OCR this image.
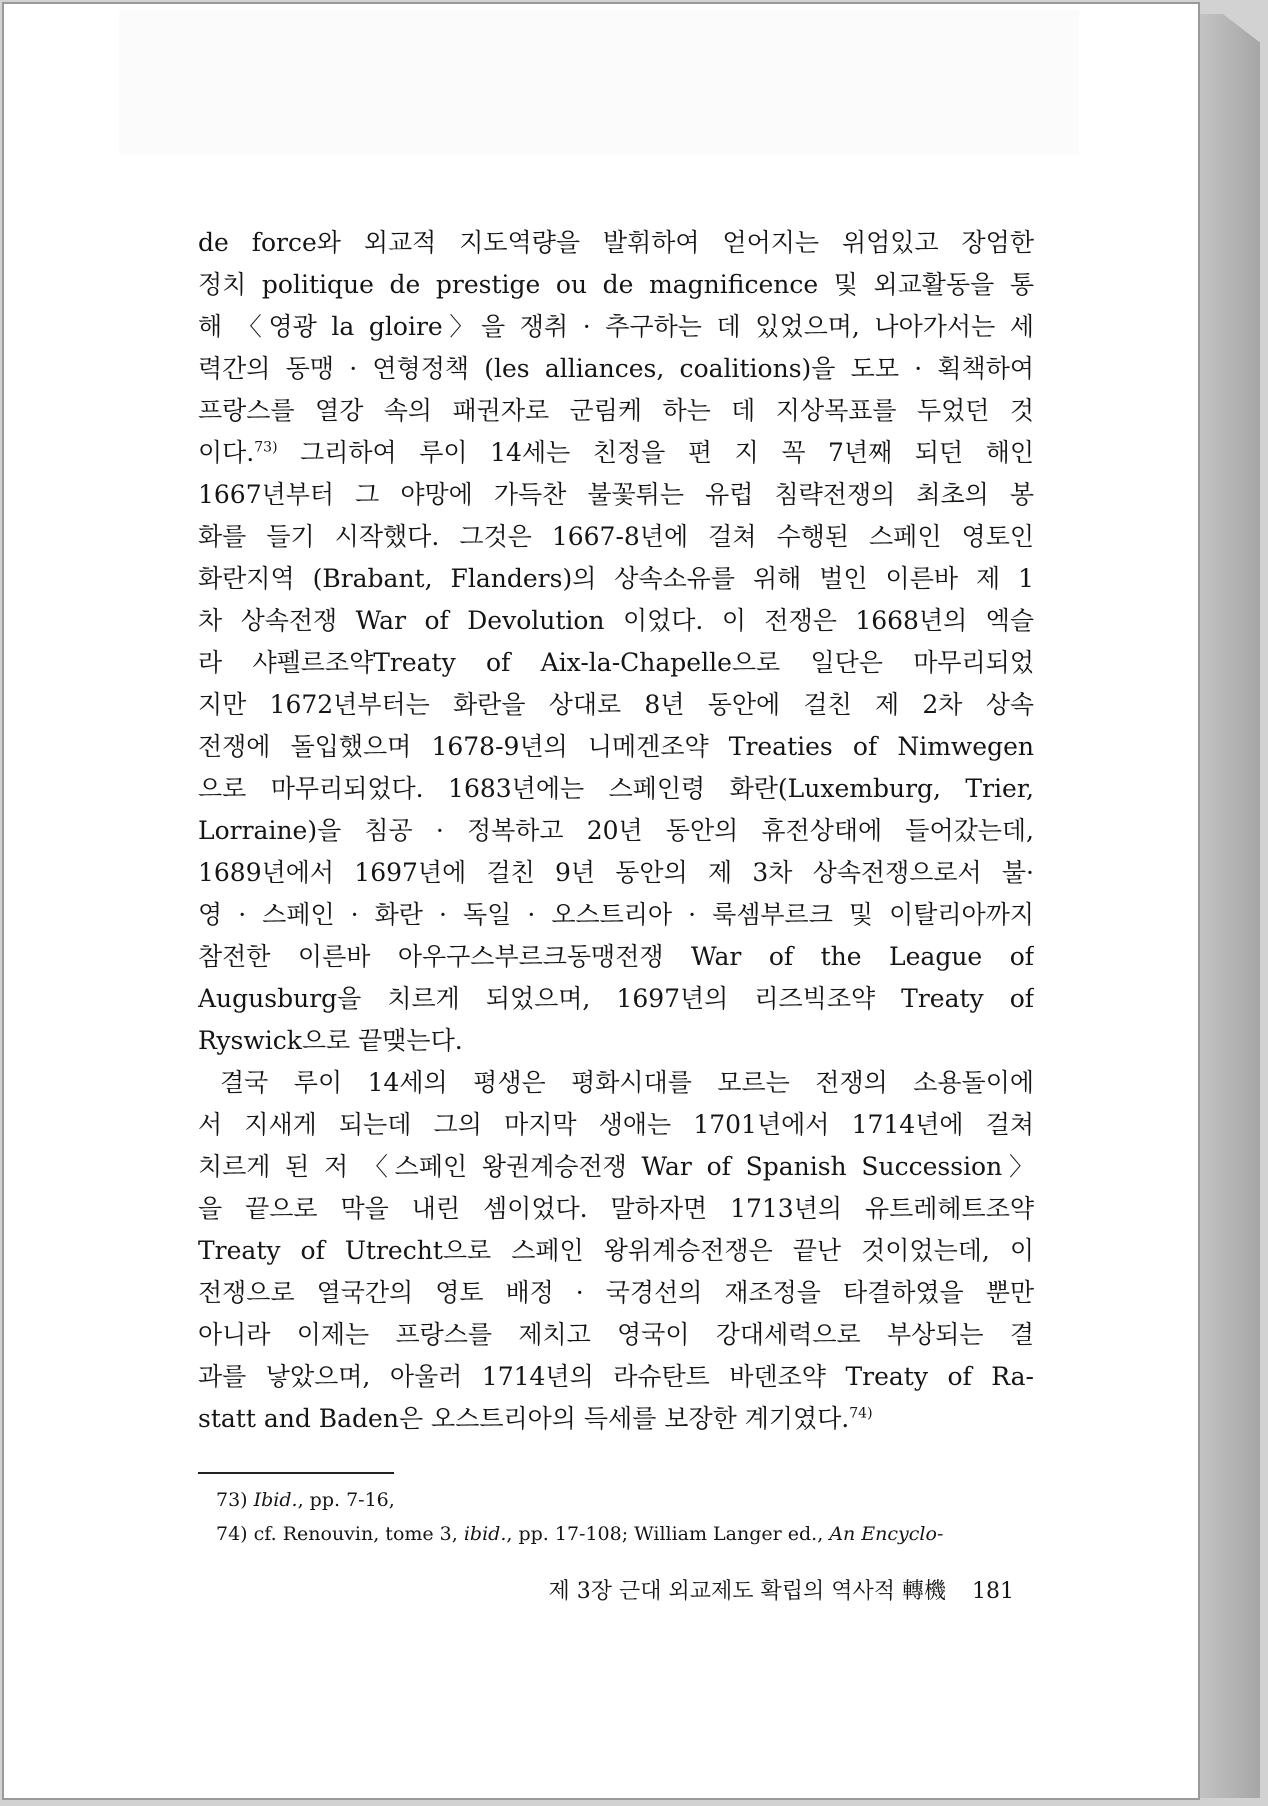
de force와 외교적 지도역량을 발휘하여 얻어지는 위엄있고 장엄한
정치 politique de prestige ou de magnificence 및 외교활동을 통
해 〈영광 la gloire〉을 쟁취 · 추구하는 데 있었으며, 나아가서는 세
력간의 동맹 · 연형정책 (les alliances, coalitions)을 도모 · 획책하여
프랑스를 열강 속의 패권자로 군림케 하는 데 지상목표를 두었던 것
이다.$^{73)}$ 그리하여 루이 14세는 친정을 편 지 꼭 7년째 되던 해인
1667년부터 그 야망에 가득찬 불꽃튀는 유럽 침략전쟁의 최초의 봉
화를 들기 시작했다. 그것은 1667-8년에 걸쳐 수행된 스페인 영토인
화란지역 (Brabant, Flanders)의 상속소유를 위해 벌인 이른바 제 1
차 상속전쟁 War of Devolution 이었다. 이 전쟁은 1668년의 엑슬
라 샤펠르조약Treaty of Aix-la-Chapelle으로 일단은 마무리되었
지만 1672년부터는 화란을 상대로 8년 동안에 걸친 제 2차 상속
전쟁에 돌입했으며 1678-9년의 니메겐조약 Treaties of Nimwegen
으로 마무리되었다. 1683년에는 스페인령 화란(Luxemburg, Trier,
Lorraine)을 침공 · 정복하고 20년 동안의 휴전상태에 들어갔는데,
1689년에서 1697년에 걸친 9년 동안의 제 3차 상속전쟁으로서 불·
영 · 스페인 · 화란 · 독일 · 오스트리아 · 룩셈부르크 및 이탈리아까지
참전한 이른바 아우구스부르크동맹전쟁 War of the League of
Augusburg을 치르게 되었으며, 1697년의 리즈빅조약 Treaty of
Ryswick으로 끝맺는다.
결국 루이 14세의 평생은 평화시대를 모르는 전쟁의 소용돌이에
서 지새게 되는데 그의 마지막 생애는 1701년에서 1714년에 걸쳐
치르게 된 저 〈스페인 왕권계승전쟁 War of Spanish Succession〉
을 끝으로 막을 내린 셈이었다. 말하자면 1713년의 유트레헤트조약
Treaty of Utrecht으로 스페인 왕위계승전쟁은 끝난 것이었는데, 이
전쟁으로 열국간의 영토 배정 · 국경선의 재조정을 타결하였을 뿐만
아니라 이제는 프랑스를 제치고 영국이 강대세력으로 부상되는 결
과를 낳았으며, 아울러 1714년의 라슈탄트 바덴조약 Treaty of Ra-
statt and Baden은 오스트리아의 득세를 보장한 계기였다.$^{74)}$
73) Ibid., pp. 7-16,
74) cf. Renouvin, tome 3, ibid., pp. 17-108; William Langer ed., An Encyclo-
제 3장 근대 외교제도 확립의 역사적 轉機 181
